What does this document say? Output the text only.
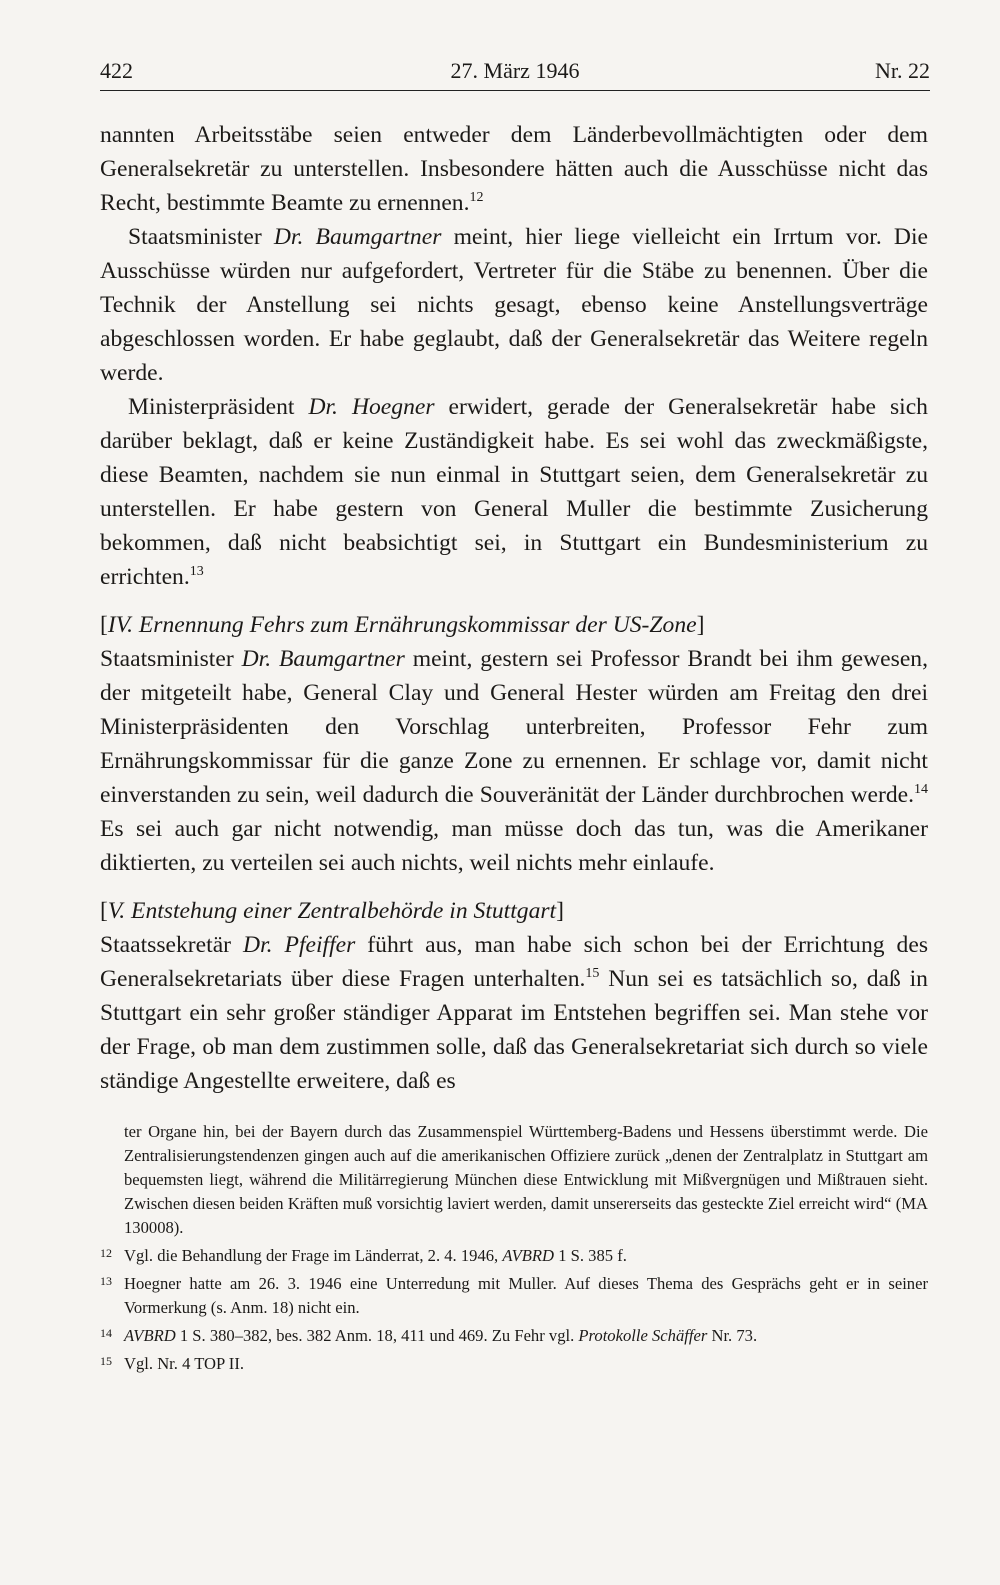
422	27. März 1946	Nr. 22

nannten Arbeitsstäbe seien entweder dem Länderbevollmächtigten oder dem Generalsekretär zu unterstellen. Insbesondere hätten auch die Ausschüsse nicht das Recht, bestimmte Beamte zu ernennen.$^{12}$

Staatsminister Dr. Baumgartner meint, hier liege vielleicht ein Irrtum vor. Die Ausschüsse würden nur aufgefordert, Vertreter für die Stäbe zu benennen. Über die Technik der Anstellung sei nichts gesagt, ebenso keine Anstellungsverträge abgeschlossen worden. Er habe geglaubt, daß der Generalsekretär das Weitere regeln werde.

Ministerpräsident Dr. Hoegner erwidert, gerade der Generalsekretär habe sich darüber beklagt, daß er keine Zuständigkeit habe. Es sei wohl das zweckmäßigste, diese Beamten, nachdem sie nun einmal in Stuttgart seien, dem Generalsekretär zu unterstellen. Er habe gestern von General Muller die bestimmte Zusicherung bekommen, daß nicht beabsichtigt sei, in Stuttgart ein Bundesministerium zu errichten.$^{13}$

[IV. Ernennung Fehrs zum Ernährungskommissar der US-Zone]

Staatsminister Dr. Baumgartner meint, gestern sei Professor Brandt bei ihm gewesen, der mitgeteilt habe, General Clay und General Hester würden am Freitag den drei Ministerpräsidenten den Vorschlag unterbreiten, Professor Fehr zum Ernährungskommissar für die ganze Zone zu ernennen. Er schlage vor, damit nicht einverstanden zu sein, weil dadurch die Souveränität der Länder durchbrochen werde.$^{14}$ Es sei auch gar nicht notwendig, man müsse doch das tun, was die Amerikaner diktierten, zu verteilen sei auch nichts, weil nichts mehr einlaufe.

[V. Entstehung einer Zentralbehörde in Stuttgart]

Staatssekretär Dr. Pfeiffer führt aus, man habe sich schon bei der Errichtung des Generalsekretariats über diese Fragen unterhalten.$^{15}$ Nun sei es tatsächlich so, daß in Stuttgart ein sehr großer ständiger Apparat im Entstehen begriffen sei. Man stehe vor der Frage, ob man dem zustimmen solle, daß das Generalsekretariat sich durch so viele ständige Angestellte erweitere, daß es

ter Organe hin, bei der Bayern durch das Zusammenspiel Württemberg-Badens und Hessens überstimmt werde. Die Zentralisierungstendenzen gingen auch auf die amerikanischen Offiziere zurück „denen der Zentralplatz in Stuttgart am bequemsten liegt, während die Militärregierung München diese Entwicklung mit Mißvergnügen und Mißtrauen sieht. Zwischen diesen beiden Kräften muß vorsichtig laviert werden, damit unsererseits das gesteckte Ziel erreicht wird“ (MA 130008).

12 Vgl. die Behandlung der Frage im Länderrat, 2. 4. 1946, AVBRD 1 S. 385 f.

13 Hoegner hatte am 26. 3. 1946 eine Unterredung mit Muller. Auf dieses Thema des Gesprächs geht er in seiner Vormerkung (s. Anm. 18) nicht ein.

14 AVBRD 1 S. 380–382, bes. 382 Anm. 18, 411 und 469. Zu Fehr vgl. Protokolle Schäffer Nr. 73.

15 Vgl. Nr. 4 TOP II.
